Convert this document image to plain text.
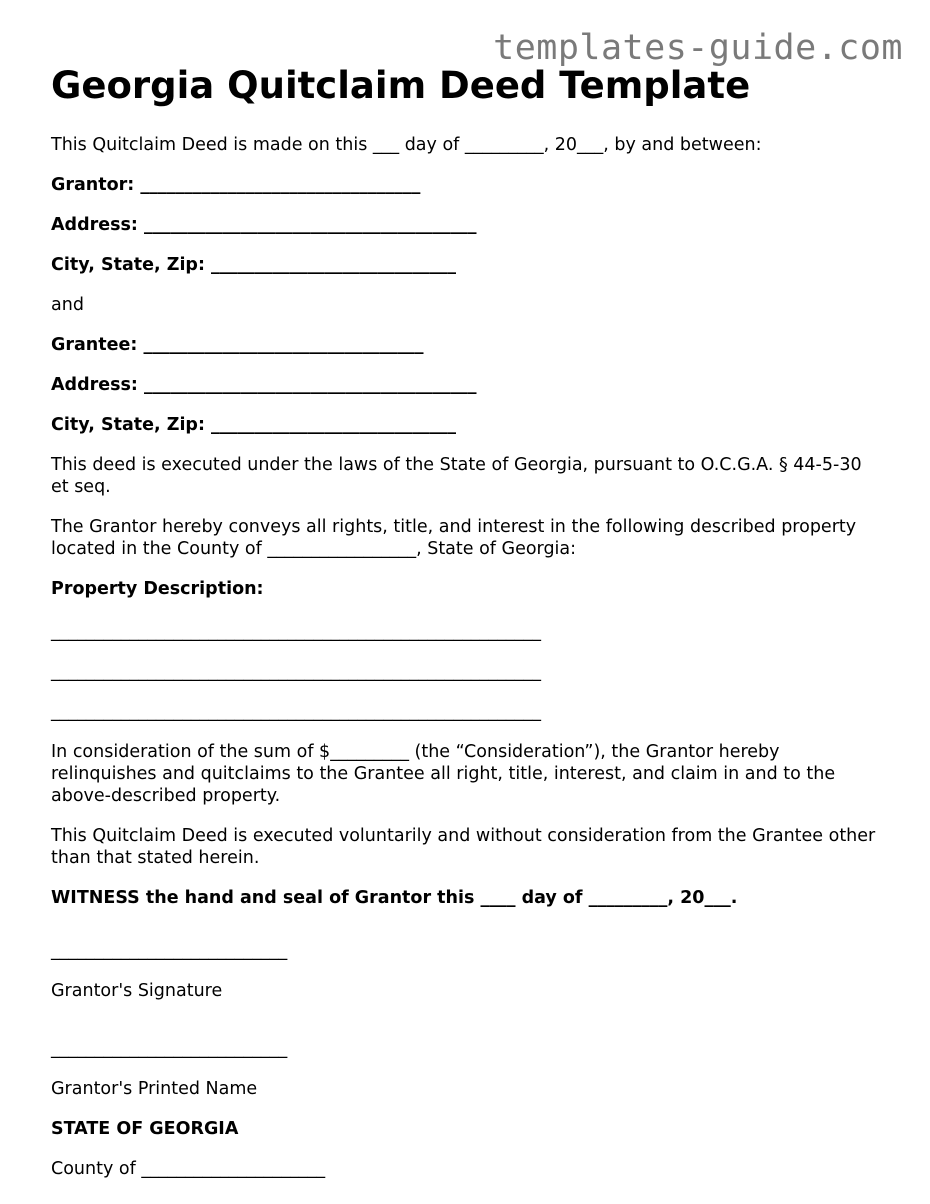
templates-guide.com
Georgia Quitclaim Deed Template

This Quitclaim Deed is made on this ___ day of _________, 20___, by and between:

Grantor: ________________________________

Address: ______________________________________

City, State, Zip: ____________________________

and

Grantee: ________________________________

Address: ______________________________________

City, State, Zip: ____________________________

This deed is executed under the laws of the State of Georgia, pursuant to O.C.G.A. § 44-5-30 et seq.

The Grantor hereby conveys all rights, title, and interest in the following described property located in the County of _________________, State of Georgia:

Property Description:

________________________________________________________
________________________________________________________
________________________________________________________

In consideration of the sum of $_________ (the “Consideration”), the Grantor hereby relinquishes and quitclaims to the Grantee all right, title, interest, and claim in and to the above-described property.

This Quitclaim Deed is executed voluntarily and without consideration from the Grantee other than that stated herein.

WITNESS the hand and seal of Grantor this ____ day of _________, 20___.

___________________________

Grantor's Signature

___________________________

Grantor's Printed Name

STATE OF GEORGIA

County of _____________________
